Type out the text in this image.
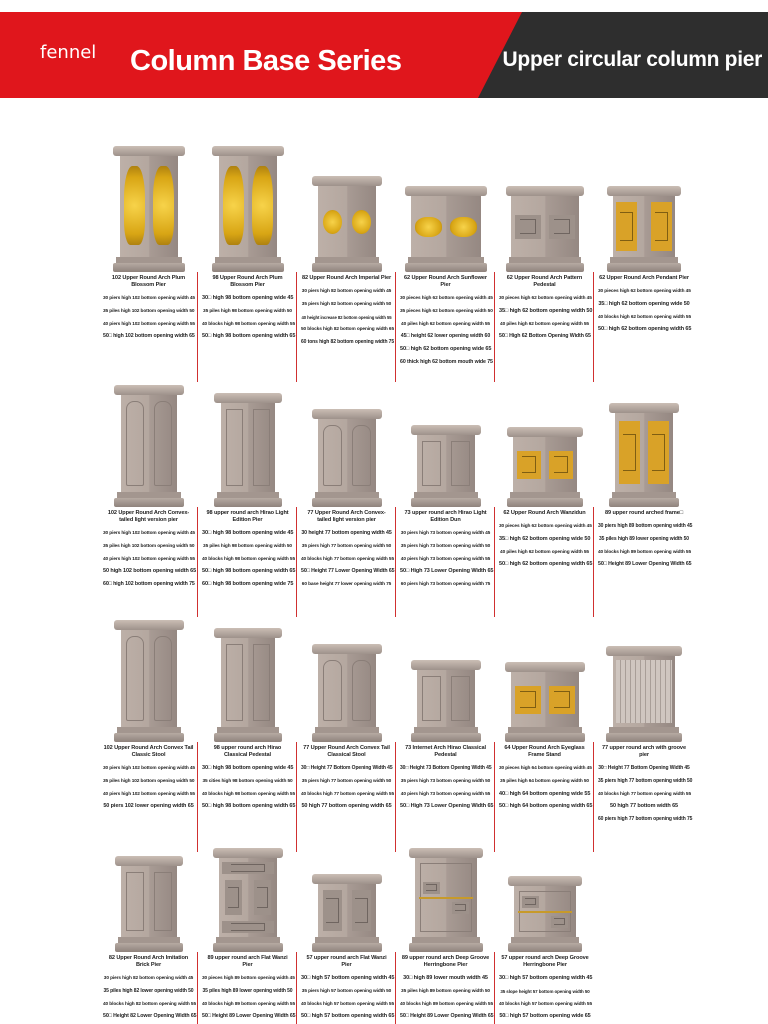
fennel Column Base Series	Upper circular column pier
102 Upper Round Arch Plum Blossom Pier
30 piers high 102 bottom opening width 45
35 piles high 102 bottom opening width 50
40 piers high 102 bottom opening width 55
50□ high 102 bottom opening width 65
98 Upper Round Arch Plum Blossom Pier
30□ high 98 bottom opening wide 45
35 piles high 98 bottom opening width 50
40 blocks high 98 bottom opening width 55
50□ high 98 bottom opening width 65
82 Upper Round Arch Imperial Pier
30 piers high 82 bottom opening width 45
35 piers high 82 bottom opening width 50
40 height increase 82 bottom opening width 55
50 blocks high 82 bottom opening width 65
60 tons high 82 bottom opening width 75
62 Upper Round Arch Sunflower Pier
30 pieces high 62 bottom opening width 45
35 pieces high 62 bottom opening width 50
40 piles high 62 bottom opening width 55
45□ height 62 lower opening width 60
50□ high 62 bottom opening wide 65
60 thick high 62 bottom mouth wide 75
62 Upper Round Arch Pattern Pedestal
30 pieces high 62 bottom opening width 45
35□ high 62 bottom opening width 50
40 piles high 62 bottom opening width 55
50□ High 62 Bottom Opening Width 65
62 Upper Round Arch Pendant Pier
30 pieces high 62 bottom opening width 45
35□ high 62 bottom opening wide 50
40 blocks high 62 bottom opening width 55
50□ high 62 bottom opening width 65
102 Upper Round Arch Convex-tailed light version pier
30 piers high 102 bottom opening width 45
35 piles high 102 bottom opening width 50
40 piers high 102 bottom opening width 55
50 high 102 bottom opening width 65
60□ high 102 bottom opening width 75
98 upper round arch Hirao Light Edition Pier
30□ high 98 bottom opening wide 45
35 piles high 98 bottom opening width 50
40 blocks high 98 bottom opening width 55
50□ high 98 bottom opening width 65
60□ high 98 bottom opening wide 75
77 Upper Round Arch Convex-tailed light version pier
30 height 77 bottom opening width 45
35 piers high 77 bottom opening width 50
40 blocks high 77 bottom opening width 55
50□ Height 77 Lower Opening Width 65
60 base height 77 lower opening width 75
73 upper round arch Hirao Light Edition Dun
30 piers high 73 bottom opening width 45
35 piers high 73 bottom opening width 50
40 piers high 73 bottom opening width 55
50□ High 73 Lower Opening Width 65
60 piers high 73 bottom opening width 75
62 Upper Round Arch Wanzidun
30 pieces high 62 bottom opening width 45
35□ high 62 bottom opening wide 50
40 piles high 62 bottom opening width 55
50□ high 62 bottom opening width 65
89 upper round arched frame□
30 piers high 89 bottom opening width 45
35 piles high 89 lower opening width 50
40 blocks high 89 bottom opening width 55
50□ Height 89 Lower Opening Width 65
102 Upper Round Arch Convex Tail Classic Stool
30 piers high 102 bottom opening width 45
35 piles high 102 bottom opening width 50
40 piers high 102 bottom opening width 55
50 piers 102 lower opening width 65
98 upper round arch Hirao Classical Pedestal
30□ high 98 bottom opening wide 45
35 cities high 98 bottom opening width 50
40 blocks high 98 bottom opening width 55
50□ high 98 bottom opening width 65
77 Upper Round Arch Convex Tail Classical Stool
30□ Height 77 Bottom Opening Width 45
35 piers high 77 bottom opening width 50
40 blocks high 77 bottom opening width 55
50 high 77 bottom opening width 65
73 Internet Arch Hirao Classical Pedestal
30□ Height 73 Bottom Opening Width 45
35 piers high 73 bottom opening width 50
40 piers high 73 bottom opening width 55
50□ High 73 Lower Opening Width 65
64 Upper Round Arch Eyeglass Frame Stand
30 pieces high 64 bottom opening width 45
35 piles high 64 bottom opening width 50
40□ high 64 bottom opening wide 55
50□ high 64 bottom opening width 65
77 upper round arch with groove pier
30□ Height 77 Bottom Opening Width 45
35 piers high 77 bottom opening width 50
40 blocks high 77 bottom opening width 55
50 high 77 bottom width 65
60 piers high 77 bottom opening width 75
82 Upper Round Arch Imitation Brick Pier
30 piers high 82 bottom opening width 45
35 piles high 82 lower opening width 50
40 blocks high 82 bottom opening width 55
50□ Height 82 Lower Opening Width 65
89 upper round arch Flat Wanzi Pier
30 pieces high 89 bottom opening width 45
35 piles high 89 lower opening width 50
40 blocks high 89 bottom opening width 55
50□ Height 89 Lower Opening Width 65
57 upper round arch Flat Wanzi Pier
30□ high 57 bottom opening width 45
35 piers high 57 bottom opening width 50
40 blocks high 57 bottom opening width 55
50□ high 57 bottom opening width 65
89 upper round arch Deep Groove Herringbone Pier
30□ high 89 lower mouth width 45
35 piles high 89 bottom opening width 50
40 blocks high 89 bottom opening width 55
50□ Height 89 Lower Opening Width 65
57 upper round arch Deep Groove Herringbone Pier
30□ high 57 bottom opening width 45
35 slope height 57 bottom opening width 50
40 blocks high 57 bottom opening width 55
50□ high 57 bottom opening wide 65
